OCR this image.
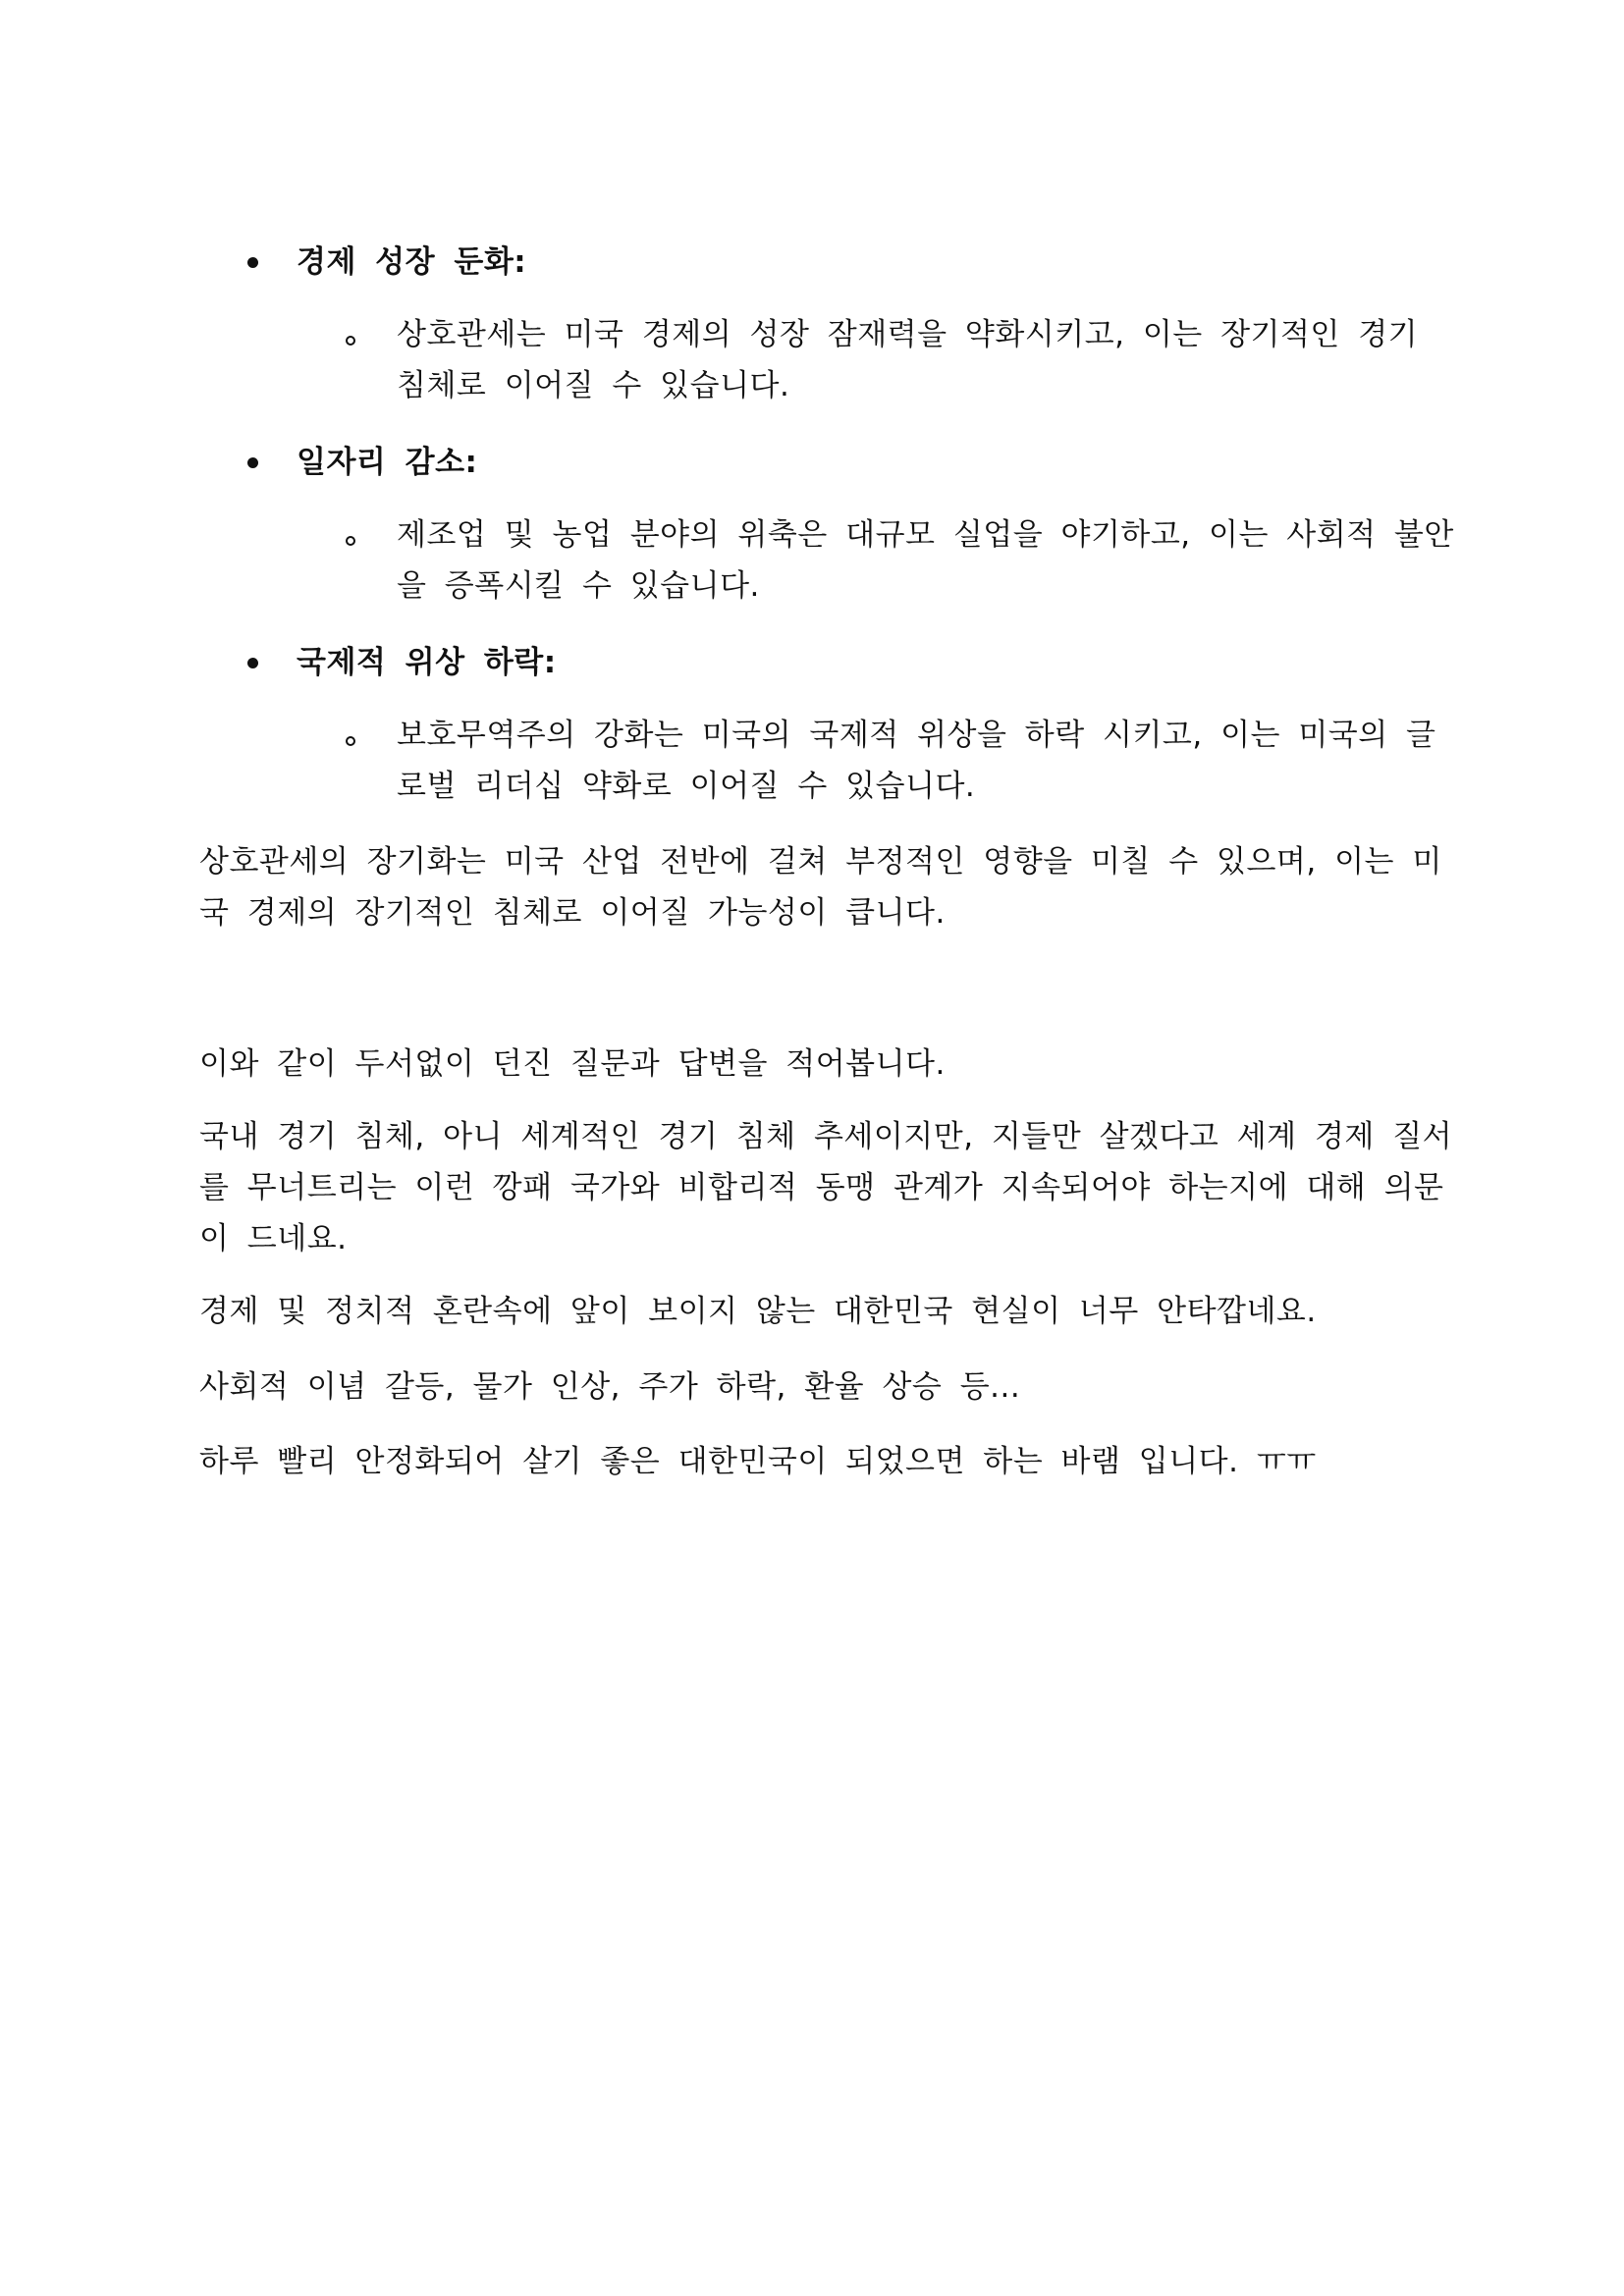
경제 성장 둔화:
상호관세는 미국 경제의 성장 잠재력을 약화시키고, 이는 장기적인 경기
침체로 이어질 수 있습니다.
일자리 감소:
제조업 및 농업 분야의 위축은 대규모 실업을 야기하고, 이는 사회적 불안
을 증폭시킬 수 있습니다.
국제적 위상 하락:
보호무역주의 강화는 미국의 국제적 위상을 하락 시키고, 이는 미국의 글
로벌 리더십 약화로 이어질 수 있습니다.
상호관세의 장기화는 미국 산업 전반에 걸쳐 부정적인 영향을 미칠 수 있으며, 이는 미
국 경제의 장기적인 침체로 이어질 가능성이 큽니다.
이와 같이 두서없이 던진 질문과 답변을 적어봅니다.
국내 경기 침체, 아니 세계적인 경기 침체 추세이지만, 지들만 살겠다고 세계 경제 질서
를 무너트리는 이런 깡패 국가와 비합리적 동맹 관계가 지속되어야 하는지에 대해 의문
이 드네요.
경제 및 정치적 혼란속에 앞이 보이지 않는 대한민국 현실이 너무 안타깝네요.
사회적 이념 갈등, 물가 인상, 주가 하락, 환율 상승 등...
하루 빨리 안정화되어 살기 좋은 대한민국이 되었으면 하는 바램 입니다. ㅠㅠ
